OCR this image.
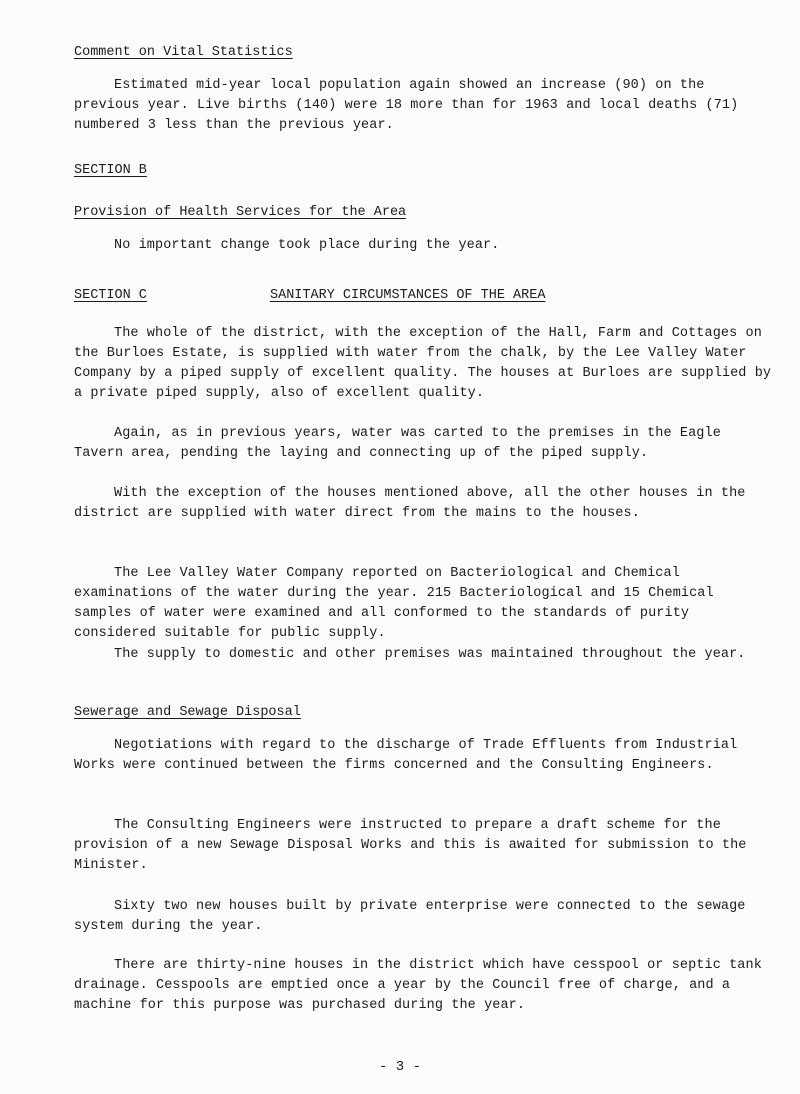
Comment on Vital Statistics
Estimated mid-year local population again showed an increase (90) on the previous year. Live births (140) were 18 more than for 1963 and local deaths (71) numbered 3 less than the previous year.
SECTION B
Provision of Health Services for the Area
No important change took place during the year.
SECTION C	SANITARY CIRCUMSTANCES OF THE AREA
The whole of the district, with the exception of the Hall, Farm and Cottages on the Burloes Estate, is supplied with water from the chalk, by the Lee Valley Water Company by a piped supply of excellent quality. The houses at Burloes are supplied by a private piped supply, also of excellent quality.
Again, as in previous years, water was carted to the premises in the Eagle Tavern area, pending the laying and connecting up of the piped supply.
With the exception of the houses mentioned above, all the other houses in the district are supplied with water direct from the mains to the houses.
The Lee Valley Water Company reported on Bacteriological and Chemical examinations of the water during the year. 215 Bacteriological and 15 Chemical samples of water were examined and all conformed to the standards of purity considered suitable for public supply.
The supply to domestic and other premises was maintained throughout the year.
Sewerage and Sewage Disposal
Negotiations with regard to the discharge of Trade Effluents from Industrial Works were continued between the firms concerned and the Consulting Engineers.
The Consulting Engineers were instructed to prepare a draft scheme for the provision of a new Sewage Disposal Works and this is awaited for submission to the Minister.
Sixty two new houses built by private enterprise were connected to the sewage system during the year.
There are thirty-nine houses in the district which have cesspool or septic tank drainage. Cesspools are emptied once a year by the Council free of charge, and a machine for this purpose was purchased during the year.
- 3 -
